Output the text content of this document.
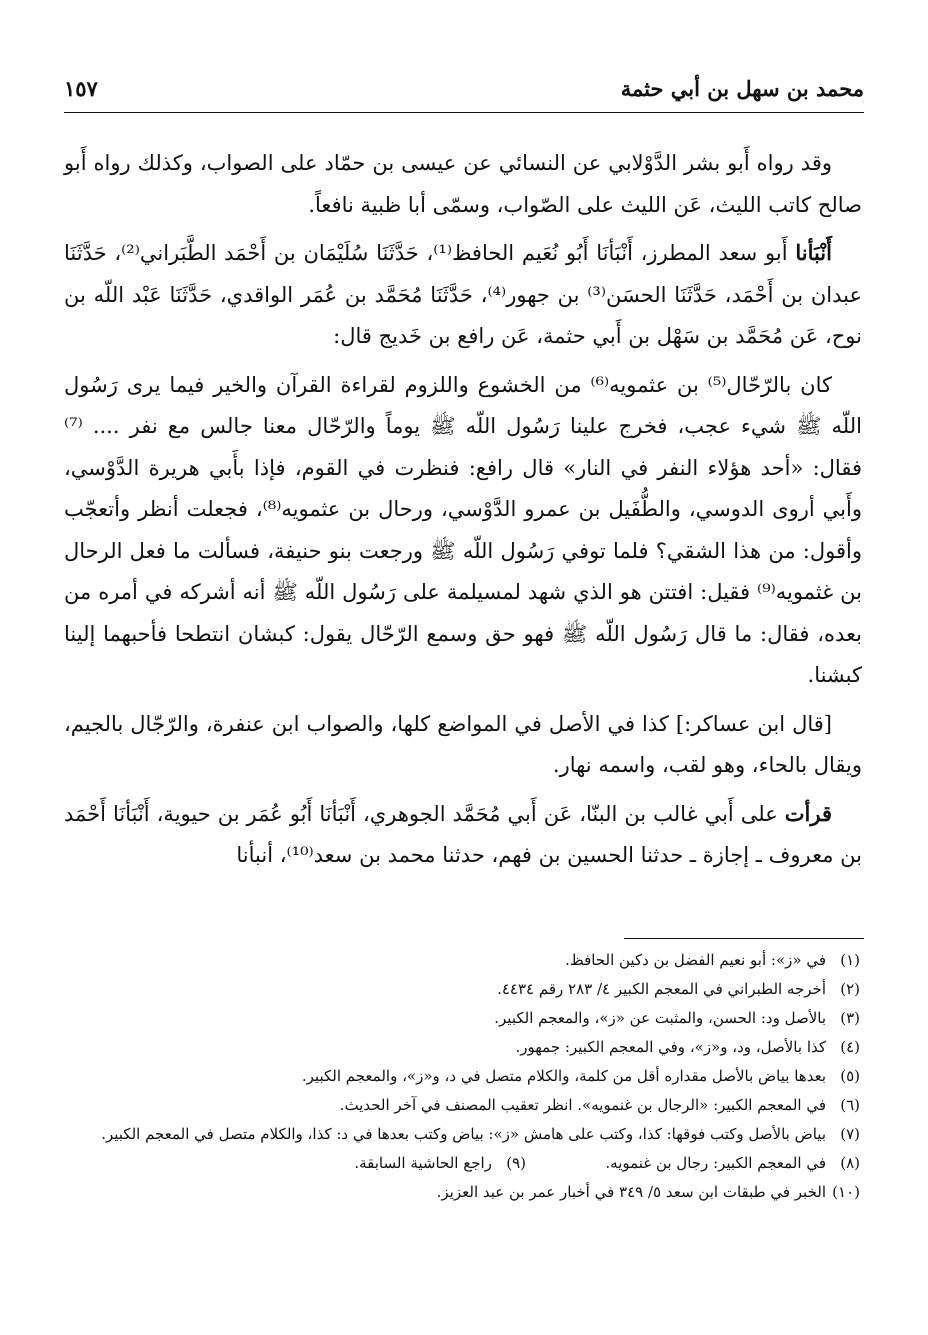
محمد بن سهل بن أبي حثمة
١٥٧

وقد رواه أَبو بشر الدَّوْلابي عن النسائي عن عيسى بن حمّاد على الصواب، وكذلك رواه أَبو صالح كاتب الليث، عَن الليث على الصّواب، وسمّى أبا ظبية نافعاً.

أَنْبَأنا أَبو سعد المطرز، أَنْبَأنَا أَبُو نُعَيم الحافظ⁽¹⁾، حَدَّثَنَا سُلَيْمَان بن أَحْمَد الطَّبَراني⁽²⁾، حَدَّثَنَا عبدان بن أَحْمَد، حَدَّثَنَا الحسَن⁽³⁾ بن جهور⁽⁴⁾، حَدَّثَنَا مُحَمَّد بن عُمَر الواقدي، حَدَّثَنَا عَبْد اللّه بن نوح، عَن مُحَمَّد بن سَهْل بن أَبي حثمة، عَن رافع بن خَديج قال:

كان بالرّحّال⁽⁵⁾ بن عثمويه⁽⁶⁾ من الخشوع واللزوم لقراءة القرآن والخير فيما يرى رَسُول اللّه ﷺ شيء عجب، فخرج علينا رَسُول اللّه ﷺ يوماً والرّحّال معنا جالس مع نفر .... ⁽⁷⁾ فقال: «أحد هؤلاء النفر في النار» قال رافع: فنظرت في القوم، فإذا بأَبي هريرة الدَّوْسي، وأَبي أروى الدوسي، والطُّفَيل بن عمرو الدَّوْسي، ورحال بن عثمويه⁽⁸⁾، فجعلت أنظر وأتعجّب وأقول: من هذا الشقي؟ فلما توفي رَسُول اللّه ﷺ ورجعت بنو حنيفة، فسألت ما فعل الرحال بن غثمويه⁽⁹⁾ فقيل: افتتن هو الذي شهد لمسيلمة على رَسُول اللّه ﷺ أنه أشركه في أمره من بعده، فقال: ما قال رَسُول اللّه ﷺ فهو حق وسمع الرّحّال يقول: كبشان انتطحا فأحبهما إلينا كبشنا.

[قال ابن عساكر:] كذا في الأصل في المواضع كلها، والصواب ابن عنفرة، والرّجّال بالجيم، ويقال بالحاء، وهو لقب، واسمه نهار.

قرأت على أَبي غالب بن البنّا، عَن أَبي مُحَمَّد الجوهري، أَنْبَأنَا أَبُو عُمَر بن حيوية، أَنْبَأنَا أَحْمَد بن معروف ـ إجازة ـ حدثنا الحسين بن فهم، حدثنا محمد بن سعد⁽¹⁰⁾، أنبأنا

(١)
في «ز»: أبو نعيم الفضل بن دكين الحافظ.
(٢)
أخرجه الطبراني في المعجم الكبير ٤/ ٢٨٣ رقم ٤٤٣٤.
(٣)
بالأصل ود: الحسن، والمثبت عن «ز»، والمعجم الكبير.
(٤)
كذا بالأصل، ود، و«ز»، وفي المعجم الكبير: جمهور.
(٥)
بعدها بياض بالأصل مقداره أقل من كلمة، والكلام متصل في د، و«ز»، والمعجم الكبير.
(٦)
في المعجم الكبير: «الرجال بن غنمويه». انظر تعقيب المصنف في آخر الحديث.
(٧)
بياض بالأصل وكتب فوقها: كذا، وكتب على هامش «ز»: بياض وكتب بعدها في د: كذا، والكلام متصل في المعجم الكبير.
(٨)
في المعجم الكبير: رجال بن غنمويه.
(٩)   راجع الحاشية السابقة.
(١٠)
الخبر في طبقات ابن سعد ٥/ ٣٤٩ في أخبار عمر بن عبد العزيز.
